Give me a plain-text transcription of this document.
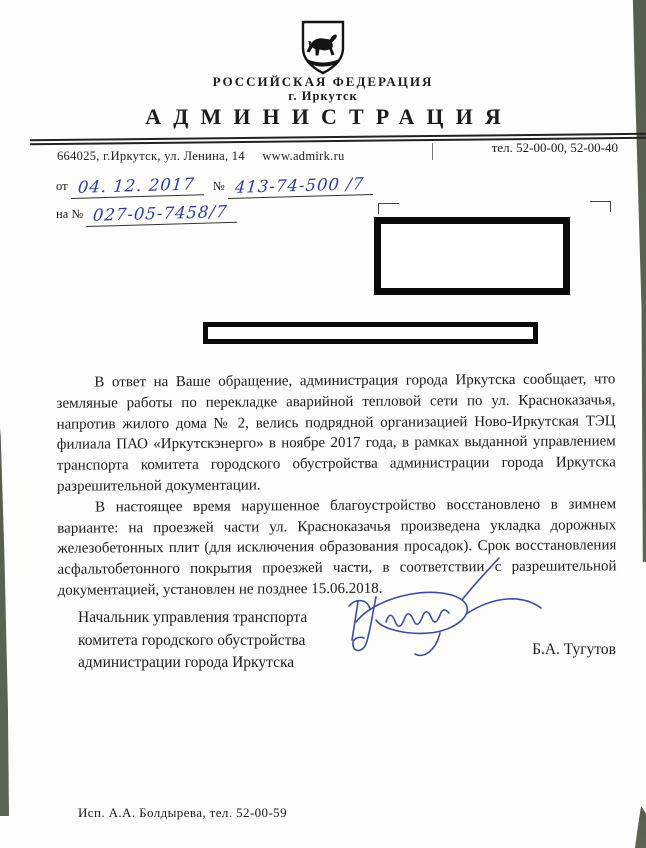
РОССИЙСКАЯ ФЕДЕРАЦИЯ
г. Иркутск
АДМИНИСТРАЦИЯ
664025, г.Иркутск, ул. Ленина, 14 www.admirk.ru
тел. 52-00-00, 52-00-40
от 04. 12. 2017 № 413-74-500 /7
на № 027-05-7458/7

В ответ на Ваше обращение, администрация города Иркутска сообщает, что земляные работы по перекладке аварийной тепловой сети по ул. Красноказачья, напротив жилого дома № 2, велись подрядной организацией Ново-Иркутская ТЭЦ филиала ПАО «Иркутскэнерго» в ноябре 2017 года, в рамках выданной управлением транспорта комитета городского обустройства администрации города Иркутска разрешительной документации.

В настоящее время нарушенное благоустройство восстановлено в зимнем варианте: на проезжей части ул. Красноказачья произведена укладка дорожных железобетонных плит (для исключения образования просадок). Срок восстановления асфальтобетонного покрытия проезжей части, в соответствии с разрешительной документацией, установлен не позднее 15.06.2018.

Начальник управления транспорта
комитета городского обустройства
администрации города Иркутска
Б.А. Тугутов
Исп. А.А. Болдырева, тел. 52-00-59
